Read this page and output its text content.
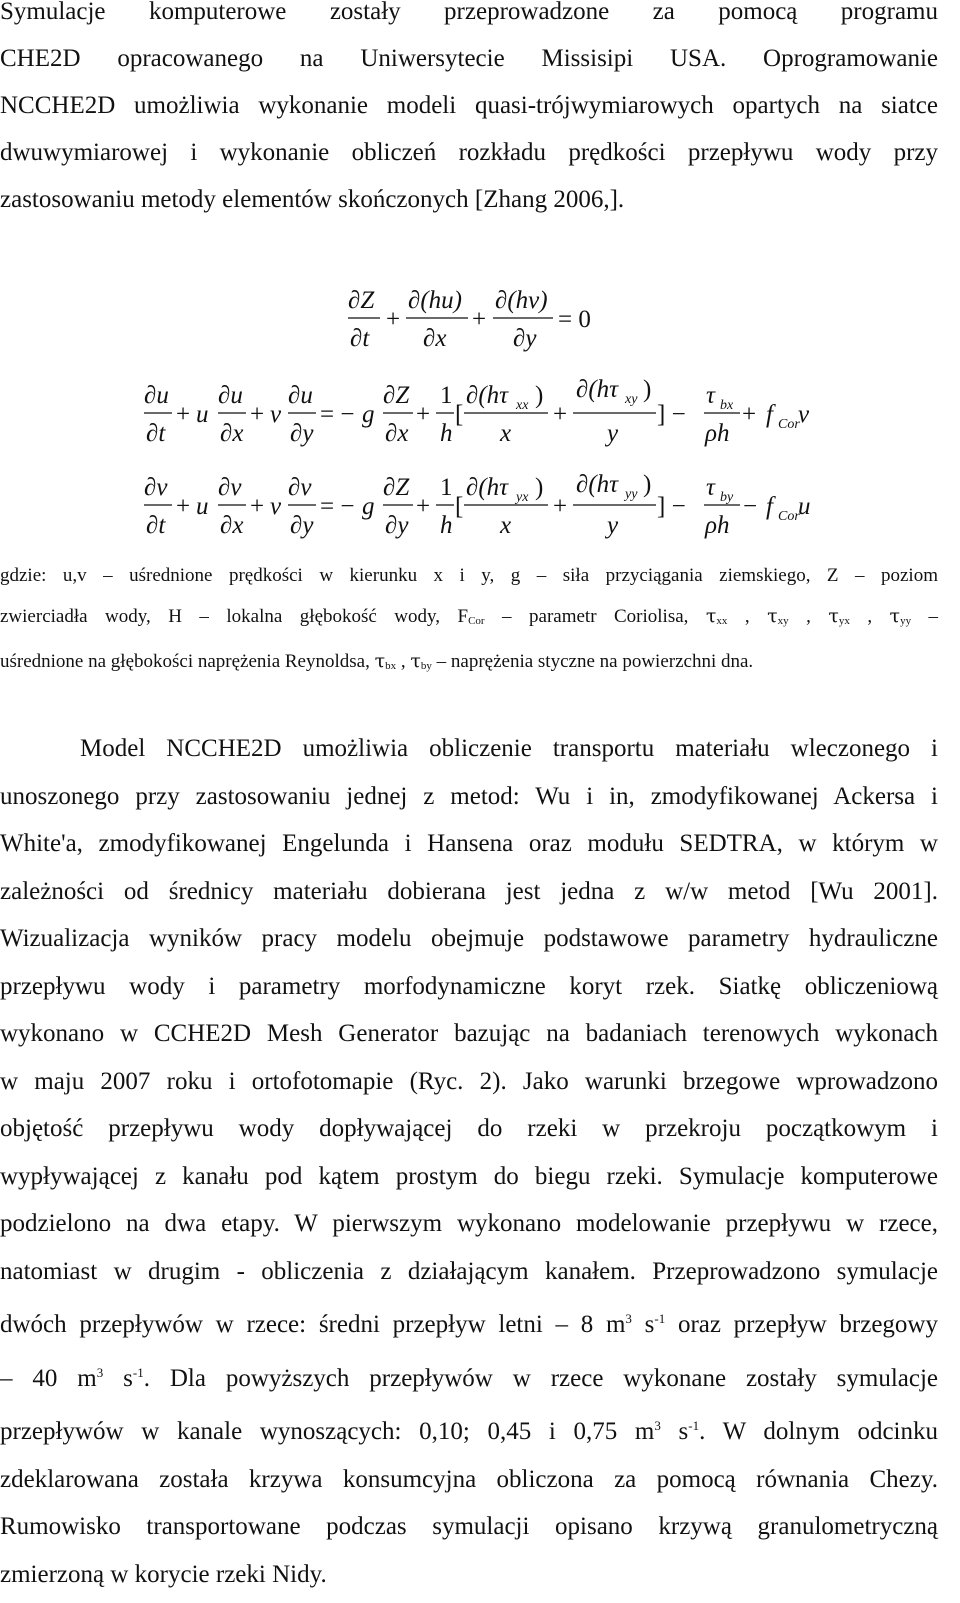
Symulacje komputerowe zostały przeprowadzone za pomocą programu
CHE2D opracowanego na Uniwersytecie Missisipi USA. Oprogramowanie
NCCHE2D umożliwia wykonanie modeli quasi-trójwymiarowych opartych na siatce
dwuwymiarowej i wykonanie obliczeń rozkładu prędkości przepływu wody przy
zastosowaniu metody elementów skończonych [Zhang 2006,].
∂Z
∂t
+
∂(hu)
∂x
+
∂(hv)
∂y
= 0
∂u
∂t
+ u
∂u
∂x
+ v
∂u
∂y
= − g
∂Z
∂x
+
1
h
[
∂(hτ xx )
x
+
∂(hτ xy )
y
] −
τ bx
ρh
+ f Cor
v
∂v
∂t
+ u
∂v
∂x
+ v
∂v
∂y
= − g
∂Z
∂y
+
1
h
[
∂(hτ yx )
x
+
∂(hτ yy )
y
] −
τ by
ρh
− f Cor
u
gdzie: u,v – uśrednione prędkości w kierunku x i y, g – siła przyciągania ziemskiego, Z – poziom
zwierciadła wody, H – lokalna głębokość wody, $F_{Cor}$ – parametr Coriolisa, $\tau_{xx}$ , $\tau_{xy}$ , $\tau_{yx}$ , $\tau_{yy}$ –
uśrednione na głębokości naprężenia Reynoldsa, $\tau_{bx}$ , $\tau_{by}$ – naprężenia styczne na powierzchni dna.
Model NCCHE2D umożliwia obliczenie transportu materiału wleczonego i
unoszonego przy zastosowaniu jednej z metod: Wu i in, zmodyfikowanej Ackersa i
White'a, zmodyfikowanej Engelunda i Hansena oraz modułu SEDTRA, w którym w
zależności od średnicy materiału dobierana jest jedna z w/w metod [Wu 2001].
Wizualizacja wyników pracy modelu obejmuje podstawowe parametry hydrauliczne
przepływu wody i parametry morfodynamiczne koryt rzek. Siatkę obliczeniową
wykonano w CCHE2D Mesh Generator bazując na badaniach terenowych wykonach
w maju 2007 roku i ortofotomapie (Ryc. 2). Jako warunki brzegowe wprowadzono
objętość przepływu wody dopływającej do rzeki w przekroju początkowym i
wypływającej z kanału pod kątem prostym do biegu rzeki. Symulacje komputerowe
podzielono na dwa etapy. W pierwszym wykonano modelowanie przepływu w rzece,
natomiast w drugim - obliczenia z działającym kanałem. Przeprowadzono symulacje
dwóch przepływów w rzece: średni przepływ letni – 8 $m^3$ $s^{-1}$ oraz przepływ brzegowy
– 40 $m^3$ $s^{-1}$. Dla powyższych przepływów w rzece wykonane zostały symulacje
przepływów w kanale wynoszących: 0,10; 0,45 i 0,75 $m^3$ $s^{-1}$. W dolnym odcinku
zdeklarowana została krzywa konsumcyjna obliczona za pomocą równania Chezy.
Rumowisko transportowane podczas symulacji opisano krzywą granulometryczną
zmierzoną w korycie rzeki Nidy.
